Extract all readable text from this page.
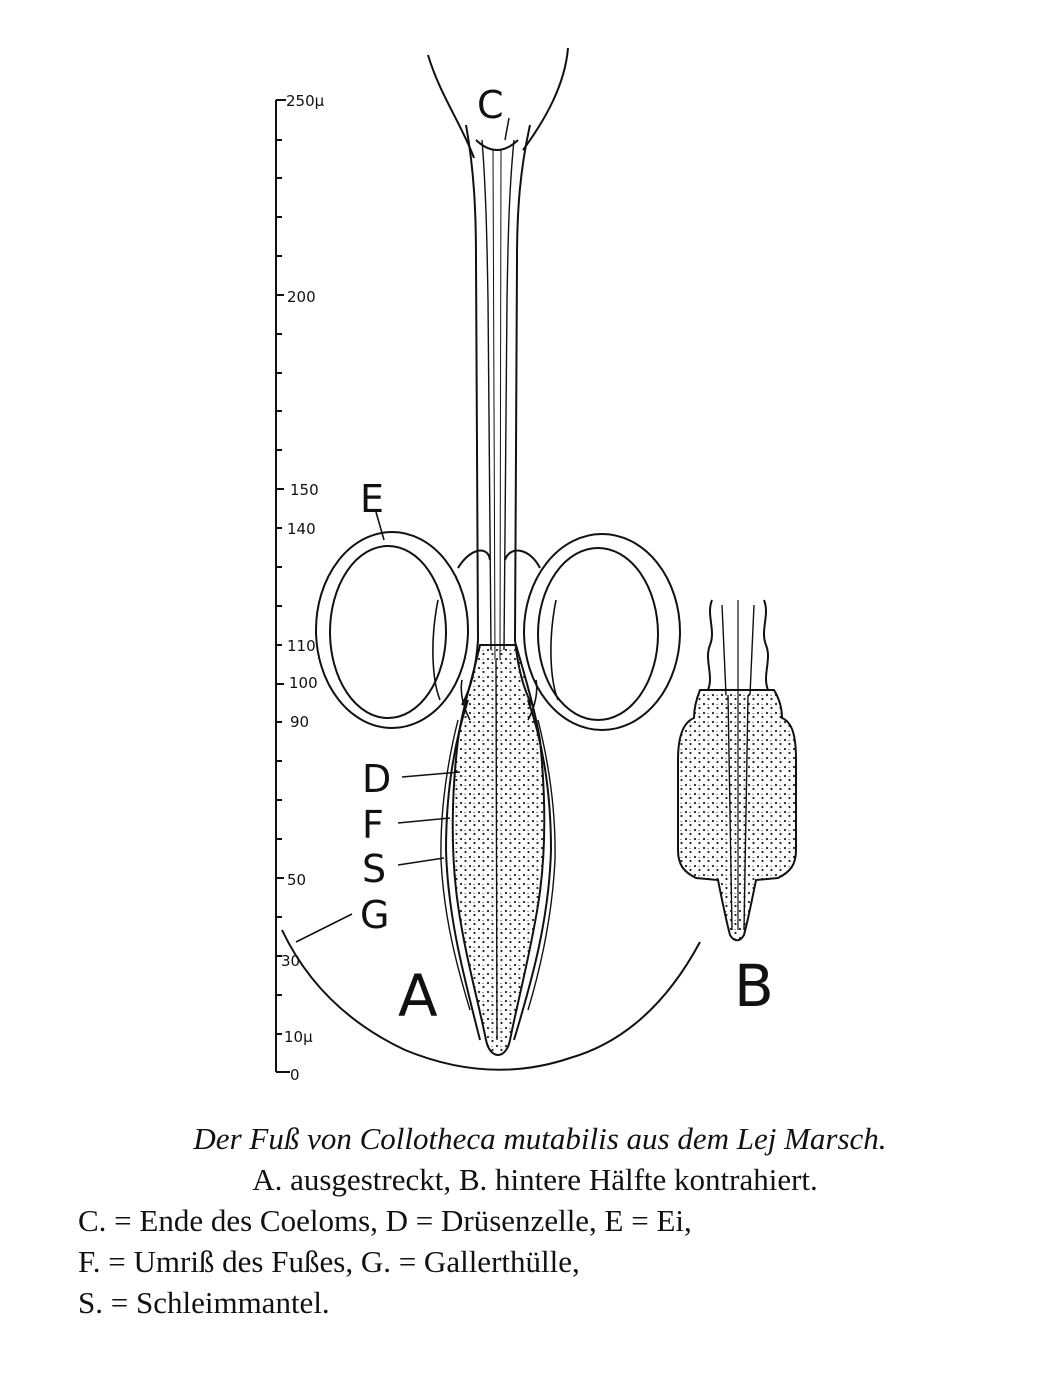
250μ
200
150
140
110
100
90
50
30
10μ
0
C
E
D
F
S
G
A	B

Der Fuß von Collotheca mutabilis aus dem Lej Marsch.

A. ausgestreckt, B. hintere Hälfte kontrahiert.

C. = Ende des Coeloms, D = Drüsenzelle, E = Ei,

F. = Umriß des Fußes, G. = Gallerthülle,

S. = Schleimmantel.
